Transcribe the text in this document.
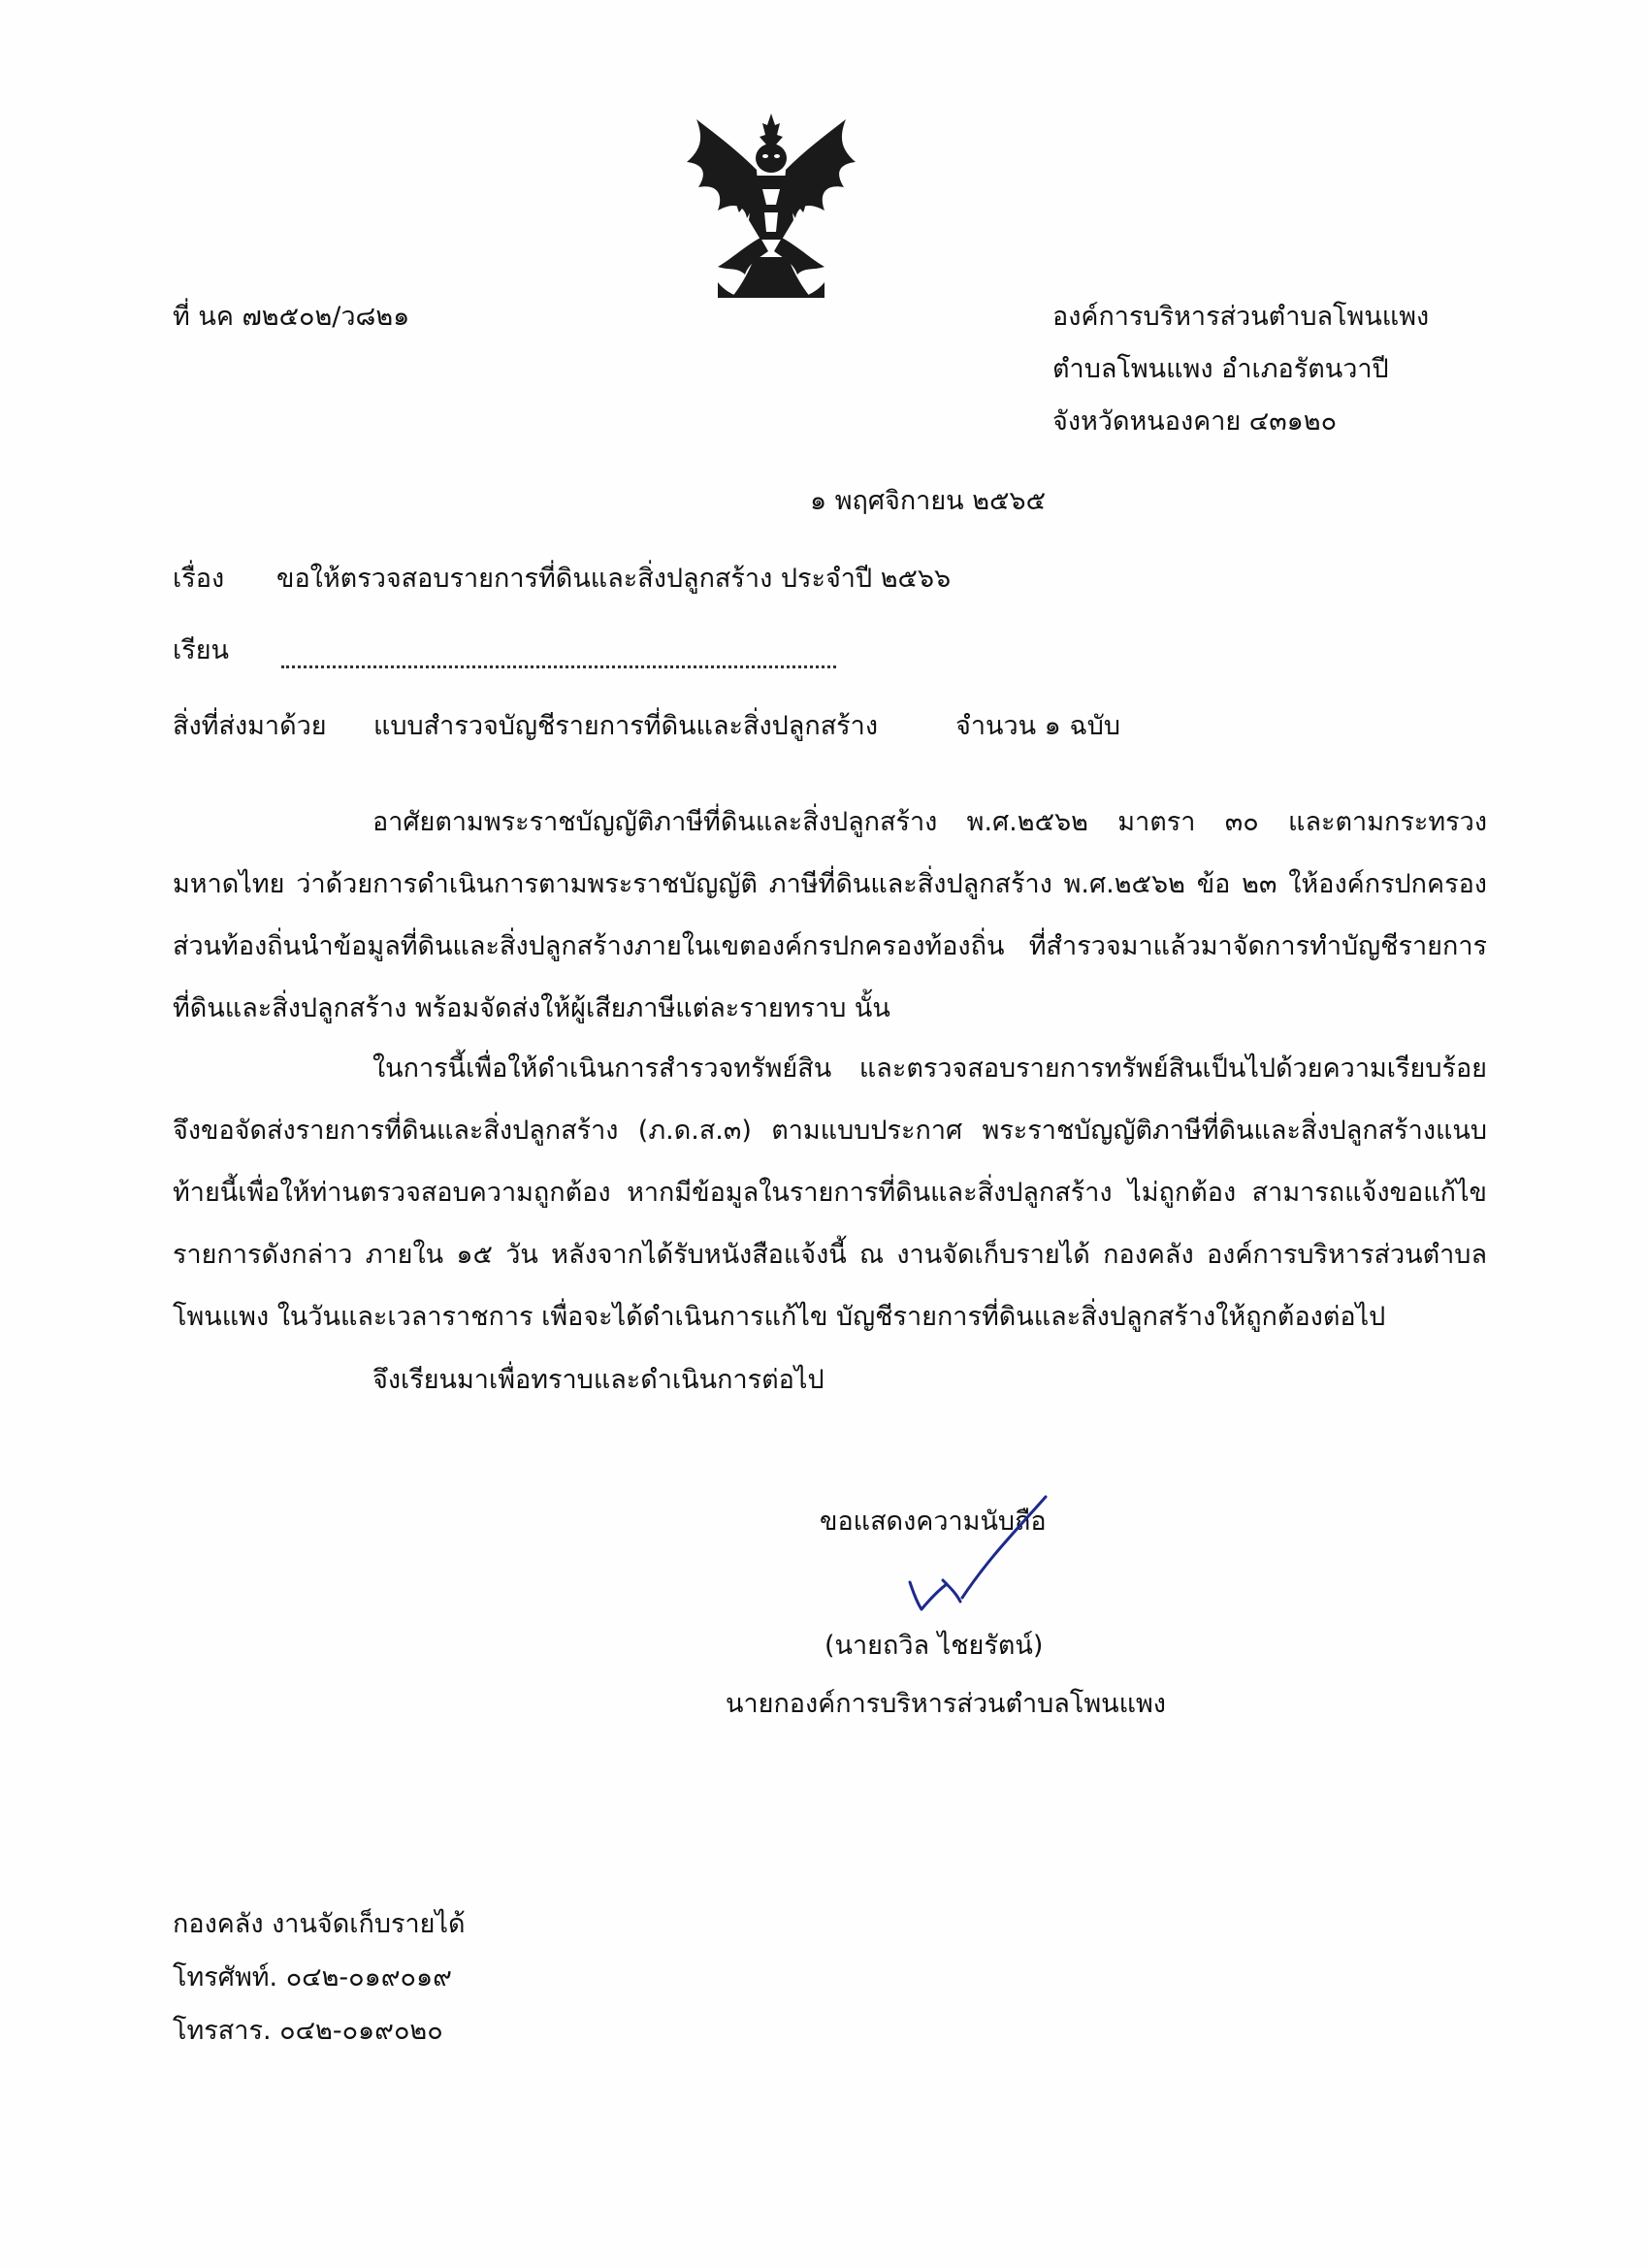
ที่ นค ๗๒๕๐๒/ว๘๒๑	องค์การบริหารส่วนตำบลโพนแพง
ตำบลโพนแพง อำเภอรัตนวาปี
จังหวัดหนองคาย ๔๓๑๒๐
๑ พฤศจิกายน ๒๕๖๕
เรื่อง ขอให้ตรวจสอบรายการที่ดินและสิ่งปลูกสร้าง ประจำปี ๒๕๖๖
เรียน
สิ่งที่ส่งมาด้วย แบบสำรวจบัญชีรายการที่ดินและสิ่งปลูกสร้าง	จำนวน ๑ ฉบับ
อาศัยตามพระราชบัญญัติภาษีที่ดินและสิ่งปลูกสร้าง พ.ศ.๒๕๖๒ มาตรา ๓๐ และตามกระทรวง
มหาดไทย ว่าด้วยการดำเนินการตามพระราชบัญญัติ ภาษีที่ดินและสิ่งปลูกสร้าง พ.ศ.๒๕๖๒ ข้อ ๒๓ ให้องค์กรปกครอง
ส่วนท้องถิ่นนำข้อมูลที่ดินและสิ่งปลูกสร้างภายในเขตองค์กรปกครองท้องถิ่น ที่สำรวจมาแล้วมาจัดการทำบัญชีรายการ
ที่ดินและสิ่งปลูกสร้าง พร้อมจัดส่งให้ผู้เสียภาษีแต่ละรายทราบ นั้น
ในการนี้เพื่อให้ดำเนินการสำรวจทรัพย์สิน และตรวจสอบรายการทรัพย์สินเป็นไปด้วยความเรียบร้อย
จึงขอจัดส่งรายการที่ดินและสิ่งปลูกสร้าง (ภ.ด.ส.๓) ตามแบบประกาศ พระราชบัญญัติภาษีที่ดินและสิ่งปลูกสร้างแนบ
ท้ายนี้เพื่อให้ท่านตรวจสอบความถูกต้อง หากมีข้อมูลในรายการที่ดินและสิ่งปลูกสร้าง ไม่ถูกต้อง สามารถแจ้งขอแก้ไข
รายการดังกล่าว ภายใน ๑๕ วัน หลังจากได้รับหนังสือแจ้งนี้ ณ งานจัดเก็บรายได้ กองคลัง องค์การบริหารส่วนตำบล
โพนแพง ในวันและเวลาราชการ เพื่อจะได้ดำเนินการแก้ไข บัญชีรายการที่ดินและสิ่งปลูกสร้างให้ถูกต้องต่อไป
จึงเรียนมาเพื่อทราบและดำเนินการต่อไป
ขอแสดงความนับถือ
(นายถวิล ไชยรัตน์)
นายกองค์การบริหารส่วนตำบลโพนแพง
กองคลัง งานจัดเก็บรายได้
โทรศัพท์. ๐๔๒-๐๑๙๐๑๙
โทรสาร. ๐๔๒-๐๑๙๐๒๐
